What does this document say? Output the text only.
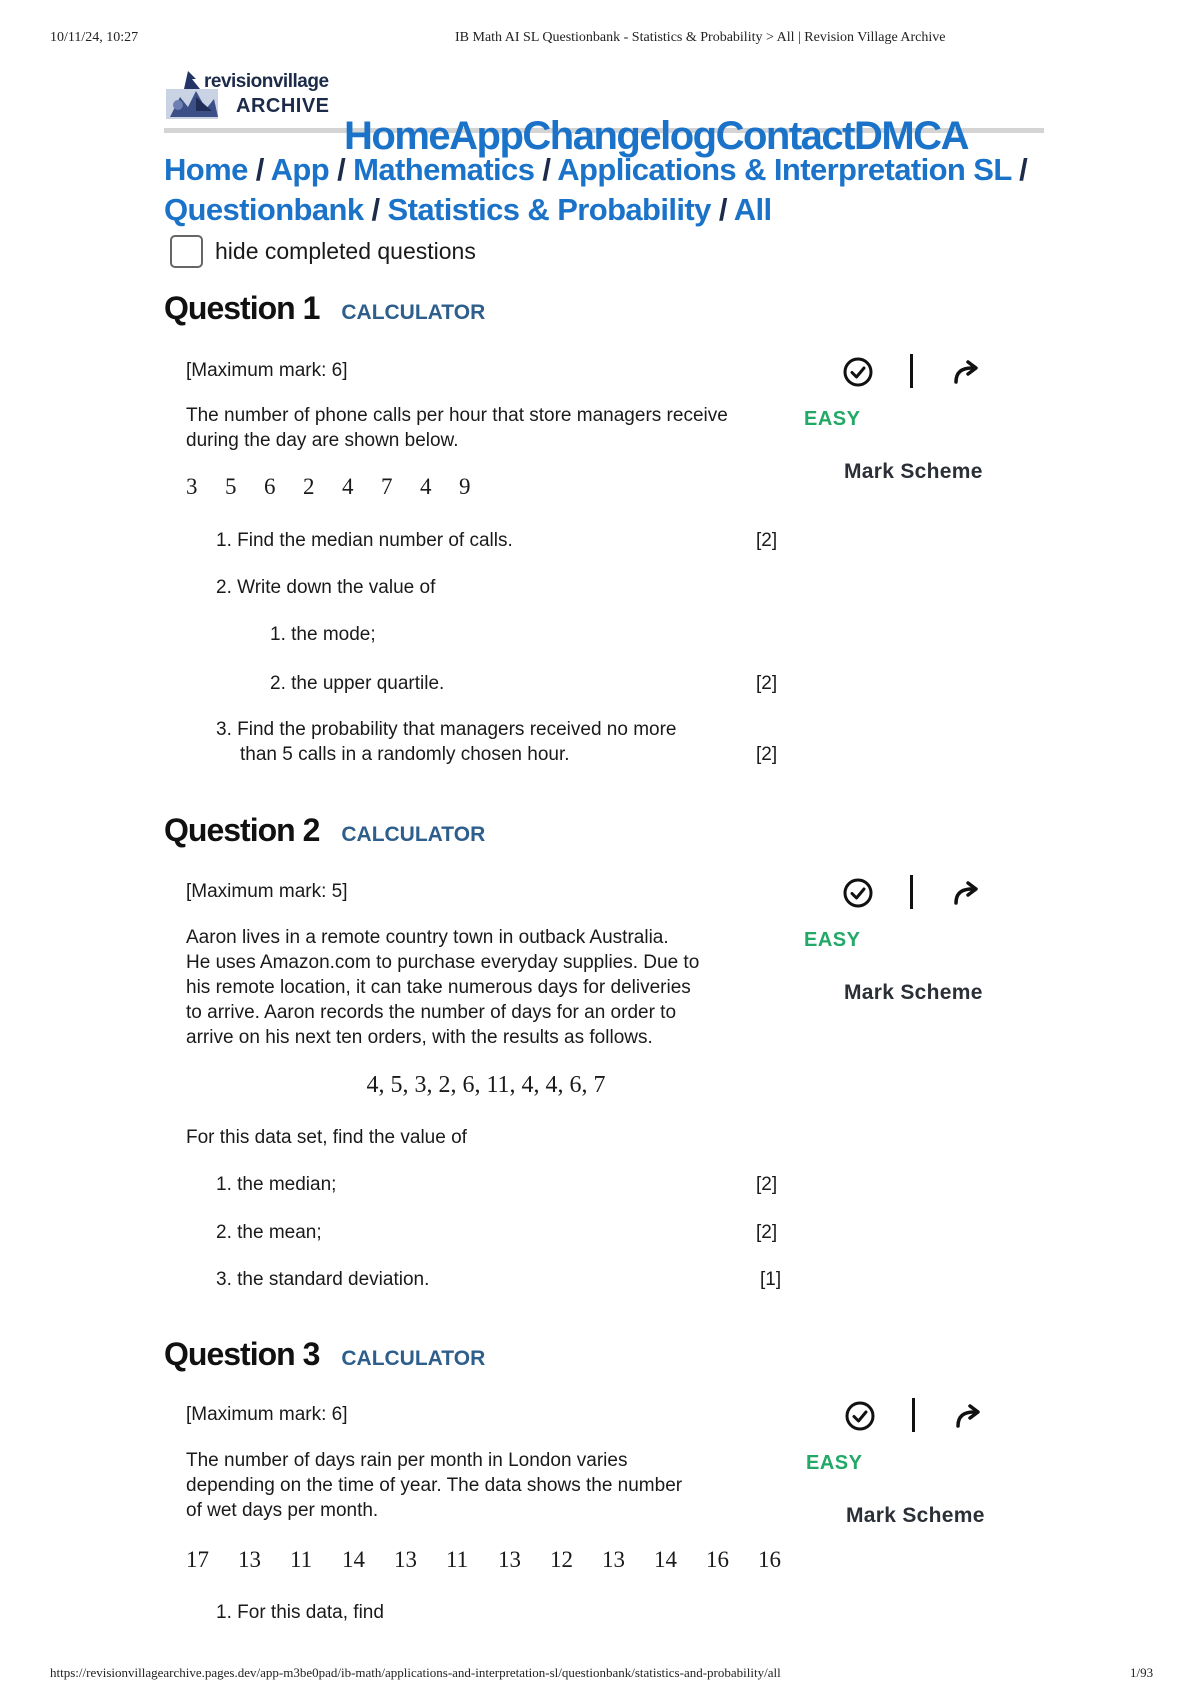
10/11/24, 10:27	IB Math AI SL Questionbank - Statistics & Probability > All | Revision Village Archive
revisionvillage
ARCHIVE
Home App Changelog Contact DMCA
Home / App / Mathematics / Applications & Interpretation SL / Questionbank / Statistics & Probability / All
hide completed questions
Question 1 CALCULATOR

[Maximum mark: 6]

The number of phone calls per hour that store managers receive during the day are shown below.

3 5 6 2 4 7 4 9
1. Find the median number of calls.	[2]
2. Write down the value of
1. the mode;
2. the upper quartile.	[2]
3. Find the probability that managers received no more
than 5 calls in a randomly chosen hour.	[2]
EASY
Mark Scheme
Question 2 CALCULATOR

[Maximum mark: 5]

Aaron lives in a remote country town in outback Australia.

He uses Amazon.com to purchase everyday supplies. Due to

his remote location, it can take numerous days for deliveries

to arrive. Aaron records the number of days for an order to

arrive on his next ten orders, with the results as follows.

4, 5, 3, 2, 6, 11, 4, 4, 6, 7

For this data set, find the value of

1. the median;	[2]
2. the mean;	[2]
3. the standard deviation.	[1]
EASY
Mark Scheme
Question 3 CALCULATOR

[Maximum mark: 6]

The number of days rain per month in London varies

depending on the time of year. The data shows the number

of wet days per month.

17 13 11 14 13 11 13 12 13 14 16 16
1. For this data, find
EASY
Mark Scheme
https://revisionvillagearchive.pages.dev/app-m3be0pad/ib-math/applications-and-interpretation-sl/questionbank/statistics-and-probability/all	1/93
